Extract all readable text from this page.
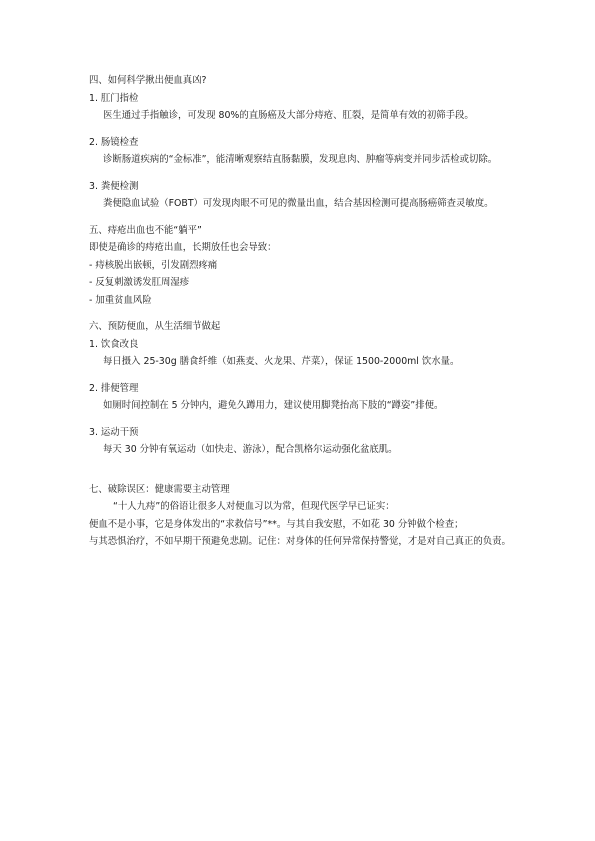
四、如何科学揪出便血真凶?
1. 肛门指检
医生通过手指触诊，可发现 80%的直肠癌及大部分痔疮、肛裂，是简单有效的初筛手段。
2. 肠镜检查
诊断肠道疾病的“金标准”，能清晰观察结直肠黏膜，发现息肉、肿瘤等病变并同步活检或切除。
3. 粪便检测
粪便隐血试验（FOBT）可发现肉眼不可见的微量出血，结合基因检测可提高肠癌筛查灵敏度。
五、痔疮出血也不能“躺平”
即使是确诊的痔疮出血，长期放任也会导致：
- 痔核脱出嵌顿，引发剧烈疼痛
- 反复刺激诱发肛周湿疹
- 加重贫血风险
六、预防便血，从生活细节做起
1. 饮食改良
每日摄入 25-30g 膳食纤维（如燕麦、火龙果、芹菜），保证 1500-2000ml 饮水量。
2. 排便管理
如厕时间控制在 5 分钟内，避免久蹲用力，建议使用脚凳抬高下肢的“蹲姿”排便。
3. 运动干预
每天 30 分钟有氧运动（如快走、游泳），配合凯格尔运动强化盆底肌。
七、破除误区：健康需要主动管理
“十人九痔”的俗语让很多人对便血习以为常，但现代医学早已证实：
便血不是小事，它是身体发出的“求救信号”**。与其自我安慰，不如花 30 分钟做个检查；
与其恐惧治疗，不如早期干预避免悲剧。记住：对身体的任何异常保持警觉，才是对自己真正的负责。
